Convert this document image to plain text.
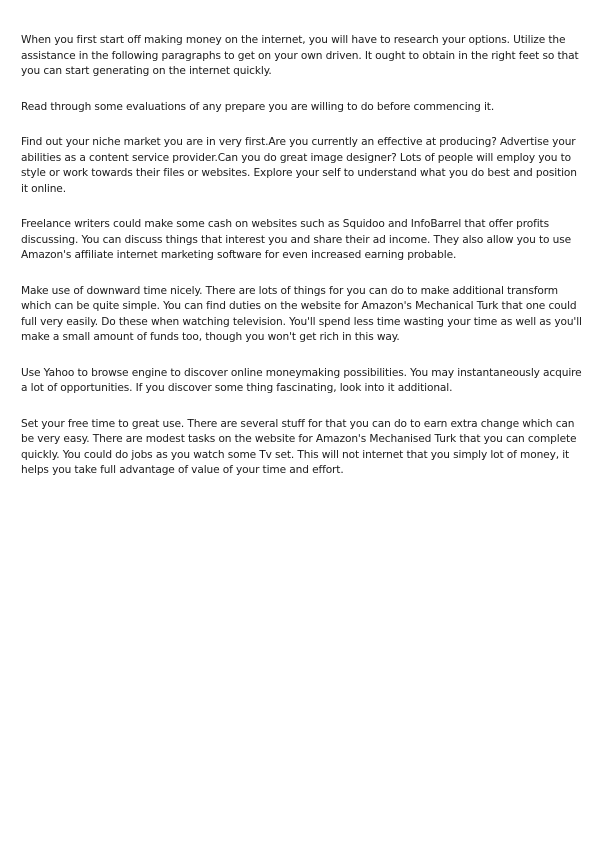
When you first start off making money on the internet, you will have to research your options. Utilize the assistance in the following paragraphs to get on your own driven. It ought to obtain in the right feet so that you can start generating on the internet quickly.

Read through some evaluations of any prepare you are willing to do before commencing it.

Find out your niche market you are in very first.Are you currently an effective at producing? Advertise your abilities as a content service provider.Can you do great image designer? Lots of people will employ you to style or work towards their files or websites. Explore your self to understand what you do best and position it online.

Freelance writers could make some cash on websites such as Squidoo and InfoBarrel that offer profits discussing. You can discuss things that interest you and share their ad income. They also allow you to use Amazon's affiliate internet marketing software for even increased earning probable.

Make use of downward time nicely. There are lots of things for you can do to make additional transform which can be quite simple. You can find duties on the website for Amazon's Mechanical Turk that one could full very easily. Do these when watching television. You'll spend less time wasting your time as well as you'll make a small amount of funds too, though you won't get rich in this way.

Use Yahoo to browse engine to discover online moneymaking possibilities. You may instantaneously acquire a lot of opportunities. If you discover some thing fascinating, look into it additional.

Set your free time to great use. There are several stuff for that you can do to earn extra change which can be very easy. There are modest tasks on the website for Amazon's Mechanised Turk that you can complete quickly. You could do jobs as you watch some Tv set. This will not internet that you simply lot of money, it helps you take full advantage of value of your time and effort.
